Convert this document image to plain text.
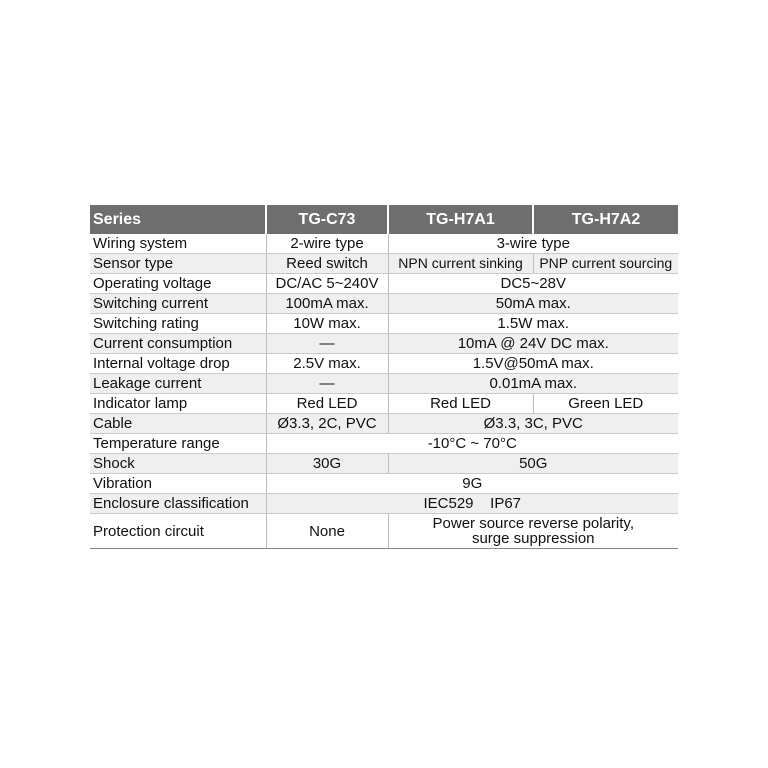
Series	TG-C73	TG-H7A1	TG-H7A2
Wiring system	2-wire type	3-wire type	
Sensor type	Reed switch	NPN current sinking	PNP current sourcing
Operating voltage	DC/AC 5~240V	DC5~28V	
Switching current	100mA max.	50mA max.	
Switching rating	10W max.	1.5W max.	
Current consumption	—	10mA @ 24V DC max.	
Internal voltage drop	2.5V max.	1.5V@50mA max.	
Leakage current	—	0.01mA max.	
Indicator lamp	Red LED	Red LED	Green LED
Cable	Ø3.3, 2C, PVC	Ø3.3, 3C, PVC	
Temperature range	-10°C ~ 70°C		
Shock	30G	50G	
Vibration	9G		
Enclosure classification	IEC529    IP67		
Protection circuit	None	Power source reverse polarity,
surge suppression	
